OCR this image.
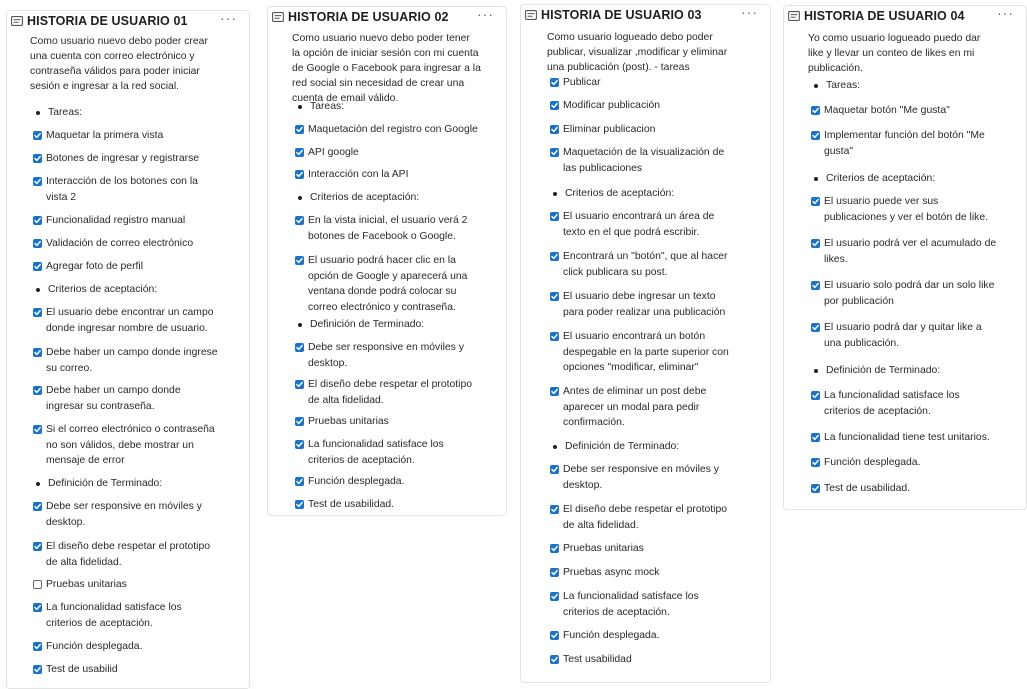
HISTORIA DE USUARIO 01 ···
Como usuario nuevo debo poder crear
una cuenta con correo electrónico y
contraseña válidos para poder iniciar
sesión e ingresar a la red social.
Tareas:
Maquetar la primera vista
Botones de ingresar y registrarse
Interacción de los botones con la
vista 2
Funcionalidad registro manual
Validación de correo electrónico
Agregar foto de perfil
Criterios de aceptación:
El usuario debe encontrar un campo
donde ingresar nombre de usuario.
Debe haber un campo donde ingrese
su correo.
Debe haber un campo donde
ingresar su contraseña.
Si el correo electrónico o contraseña
no son válidos, debe mostrar un
mensaje de error
Definición de Terminado:
Debe ser responsive en móviles y
desktop.
El diseño debe respetar el prototipo
de alta fidelidad.
Pruebas unitarias
La funcionalidad satisface los
criterios de aceptación.
Función desplegada.
Test de usabilid
HISTORIA DE USUARIO 02 ···
Como usuario nuevo debo poder tener
la opción de iniciar sesión con mi cuenta
de Google o Facebook para ingresar a la
red social sin necesidad de crear una
cuenta de email válido.
Tareas:
Maquetación del registro con Google
API google
Interacción con la API
Criterios de aceptación:
En la vista inicial, el usuario verá 2
botones de Facebook o Google.
El usuario podrá hacer clic en la
opción de Google y aparecerá una
ventana donde podrá colocar su
correo electrónico y contraseña.
Definición de Terminado:
Debe ser responsive en móviles y
desktop.
El diseño debe respetar el prototipo
de alta fidelidad.
Pruebas unitarias
La funcionalidad satisface los
criterios de aceptación.
Función desplegada.
Test de usabilidad.
HISTORIA DE USUARIO 03	···
Como usuario logueado debo poder
publicar, visualizar ,modificar y eliminar
una publicación (post). - tareas
Publicar
Modificar publicación
Eliminar publicacion
Maquetación de la visualización de
las publicaciones
Criterios de aceptación:
El usuario encontrará un área de
texto en el que podrá escribir.
Encontrará un "botón", que al hacer
click publicara su post.
El usuario debe ingresar un texto
para poder realizar una publicación
El usuario encontrará un botón
despegable en la parte superior con
opciones "modificar, eliminar"
Antes de eliminar un post debe
aparecer un modal para pedir
confirmación.
Definición de Terminado:
Debe ser responsive en móviles y
desktop.
El diseño debe respetar el prototipo
de alta fidelidad.
Pruebas unitarias
Pruebas async mock
La funcionalidad satisface los
criterios de aceptación.
Función desplegada.
Test usabilidad
HISTORIA DE USUARIO 04 ···
Yo como usuario logueado puedo dar
like y llevar un conteo de likes en mi
publicación.
Tareas:
Maquetar botón "Me gusta"
Implementar función del botón "Me
gusta"
Criterios de aceptación:
El usuario puede ver sus
publicaciones y ver el botón de like.
El usuario podrá ver el acumulado de
likes.
El usuario solo podrá dar un solo like
por publicación
El usuario podrá dar y quitar like a
una publicación.
Definición de Terminado:
La funcionalidad satisface los
criterios de aceptación.
La funcionalidad tiene test unitarios.
Función desplegada.
Test de usabilidad.
